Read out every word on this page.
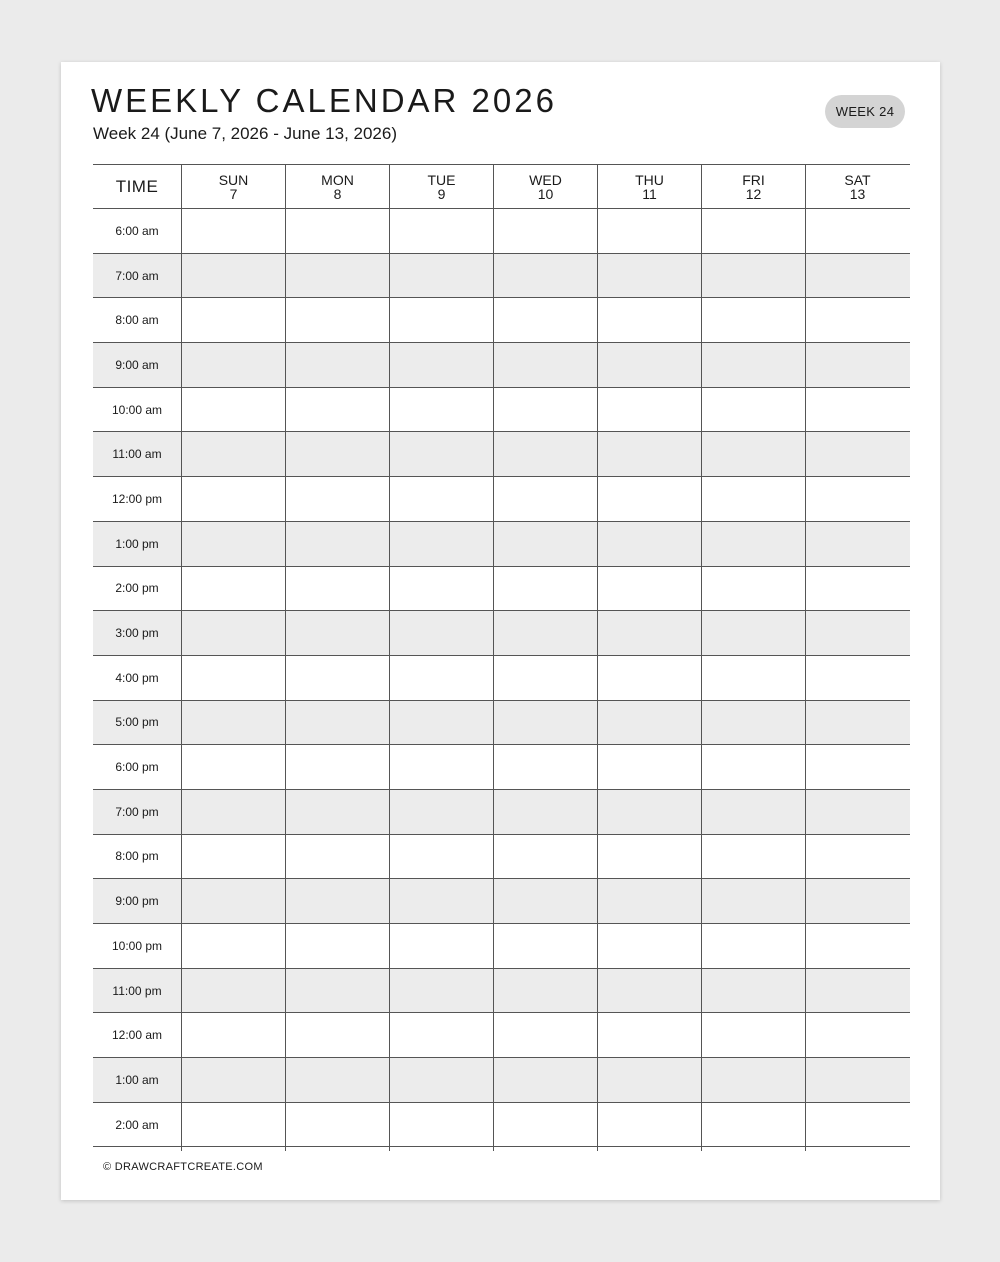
WEEKLY CALENDAR 2026
Week 24 (June 7, 2026 - June 13, 2026)
WEEK 24
TIME	SUN
7
MON
8
TUE
9
WED
10
THU
11
FRI
12
SAT
13
6:00 am
7:00 am
8:00 am
9:00 am
10:00 am
11:00 am
12:00 pm
1:00 pm
2:00 pm
3:00 pm
4:00 pm
5:00 pm
6:00 pm
7:00 pm
8:00 pm
9:00 pm
10:00 pm
11:00 pm
12:00 am
1:00 am
2:00 am
© DRAWCRAFTCREATE.COM
